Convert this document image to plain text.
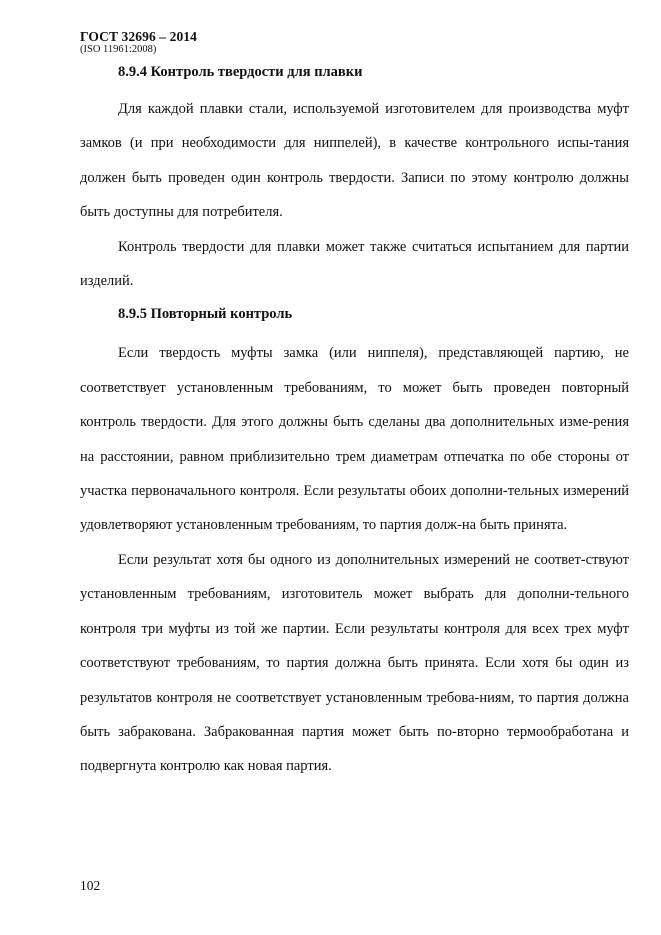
ГОСТ 32696 – 2014
(ISO 11961:2008)
8.9.4 Контроль твердости для плавки

Для каждой плавки стали, используемой изготовителем для производства муфт замков (и при необходимости для ниппелей), в качестве контрольного испы-тания должен быть проведен один контроль твердости. Записи по этому контролю должны быть доступны для потребителя.

Контроль твердости для плавки может также считаться испытанием для партии изделий.

8.9.5 Повторный контроль

Если твердость муфты замка (или ниппеля), представляющей партию, не соответствует установленным требованиям, то может быть проведен повторный контроль твердости. Для этого должны быть сделаны два дополнительных изме-рения на расстоянии, равном приблизительно трем диаметрам отпечатка по обе стороны от участка первоначального контроля. Если результаты обоих дополни-тельных измерений удовлетворяют установленным требованиям, то партия долж-на быть принята.

Если результат хотя бы одного из дополнительных измерений не соответ-ствуют установленным требованиям, изготовитель может выбрать для дополни-тельного контроля три муфты из той же партии. Если результаты контроля для всех трех муфт соответствуют требованиям, то партия должна быть принята. Если хотя бы один из результатов контроля не соответствует установленным требова-ниям, то партия должна быть забракована. Забракованная партия может быть по-вторно термообработана и подвергнута контролю как новая партия.

102
